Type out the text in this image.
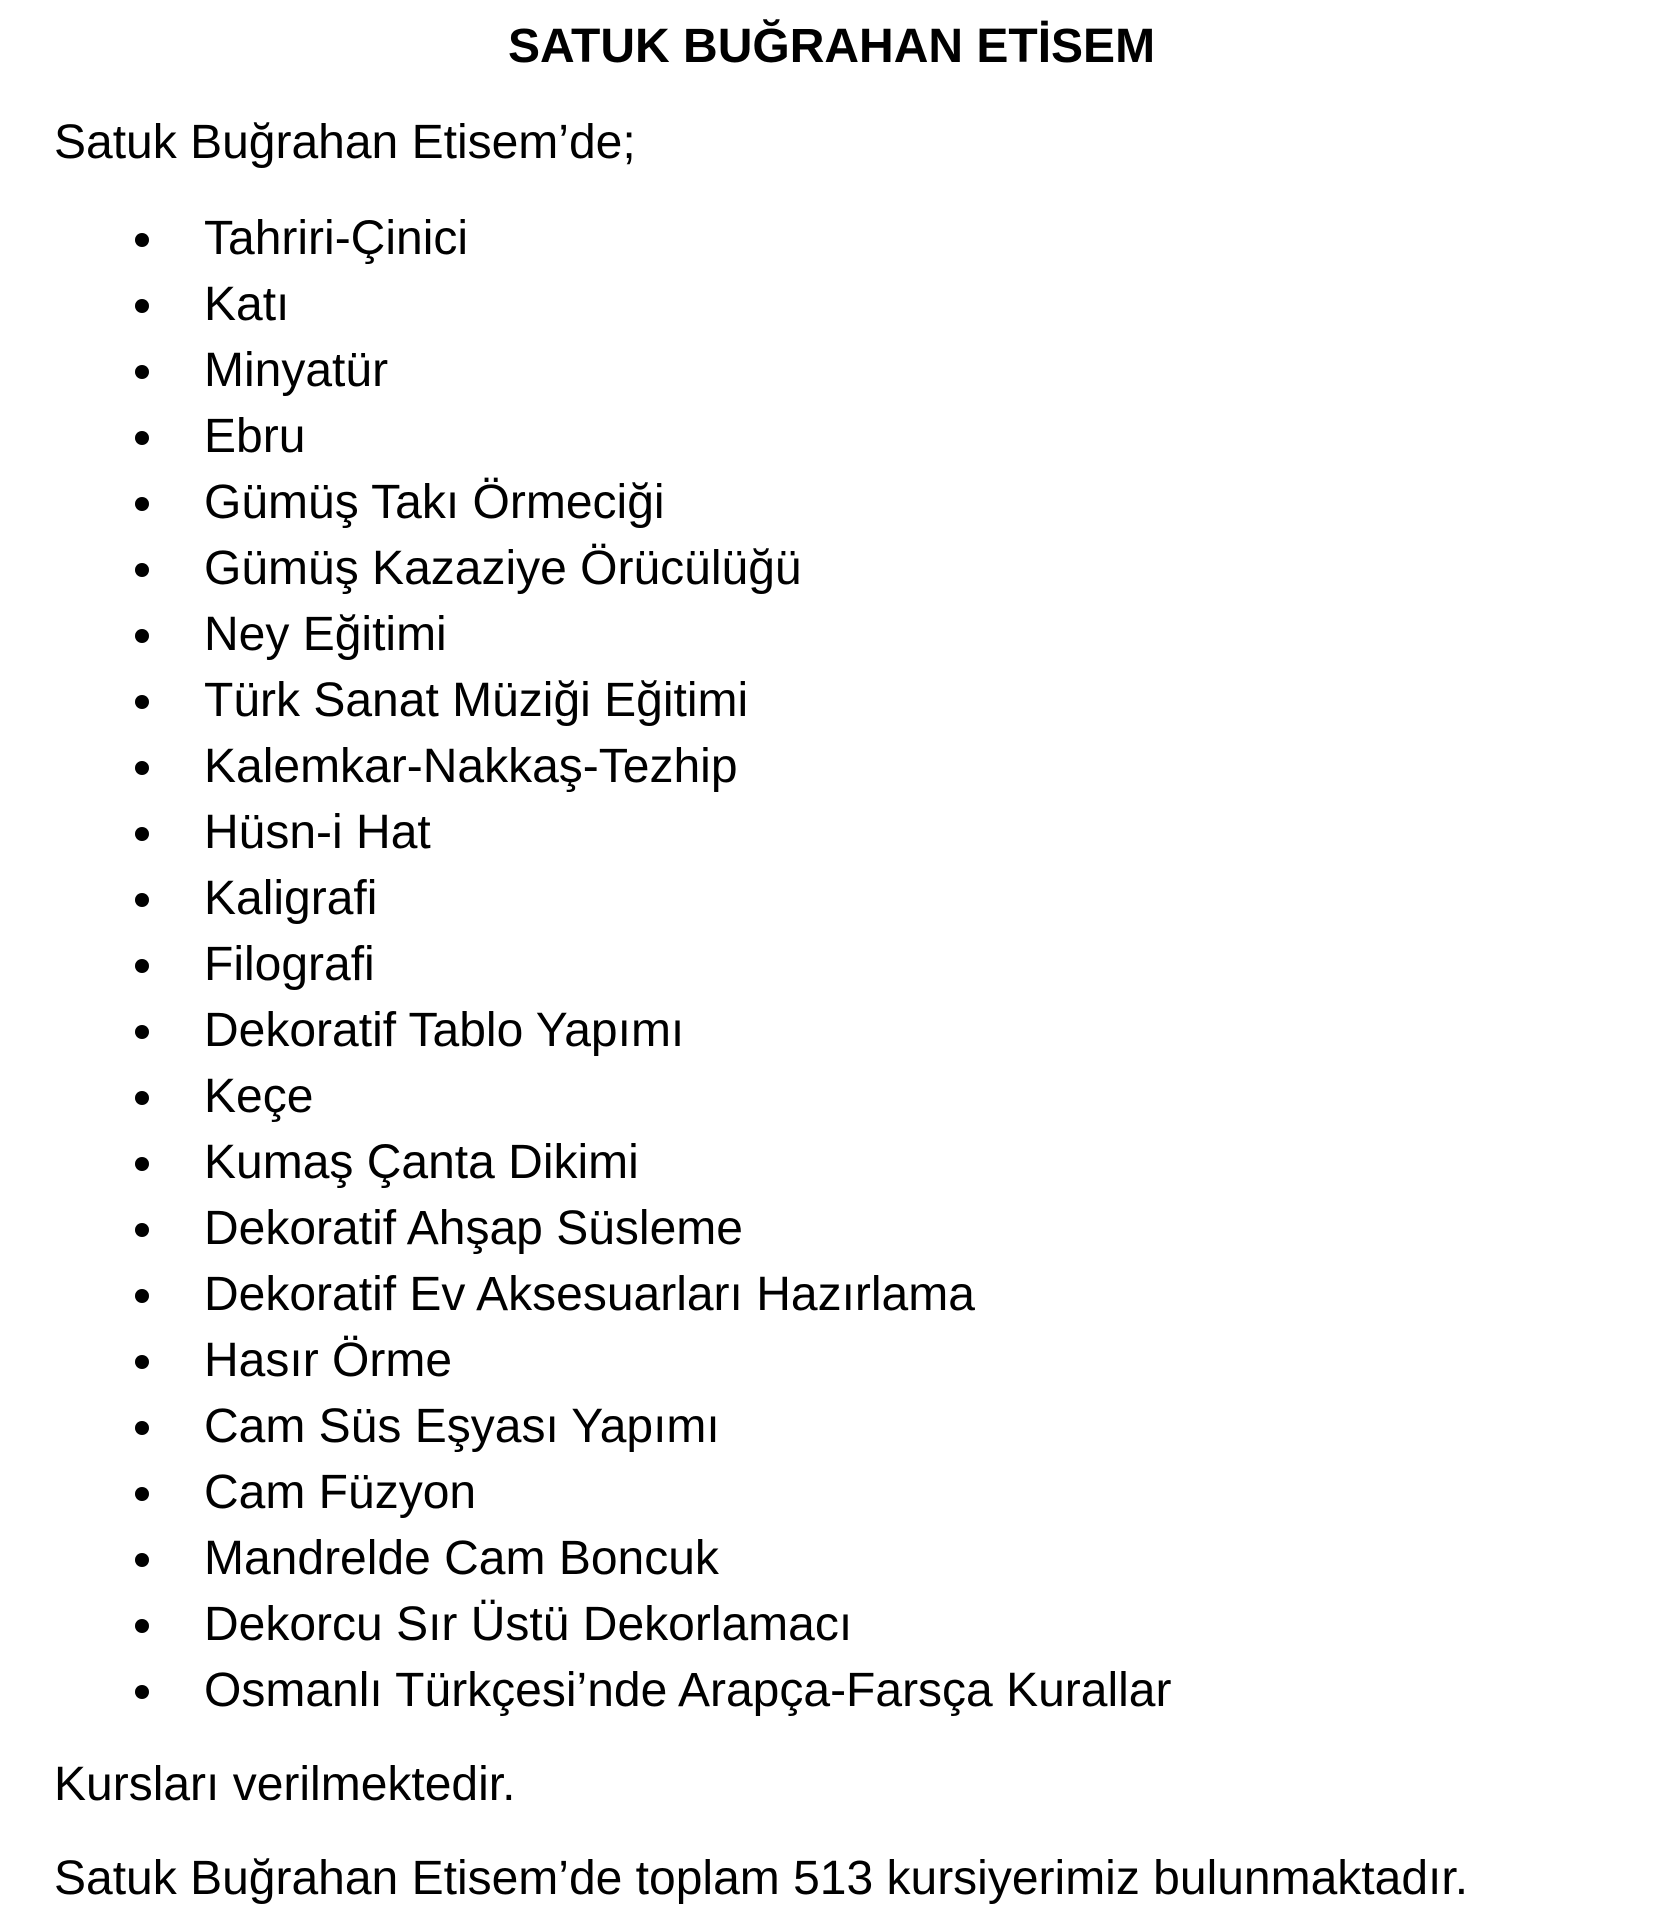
SATUK BUĞRAHAN ETİSEM

Satuk Buğrahan Etisem’de;

Tahriri-Çinici
Katı
Minyatür
Ebru
Gümüş Takı Örmeciği
Gümüş Kazaziye Örücülüğü
Ney Eğitimi
Türk Sanat Müziği Eğitimi
Kalemkar-Nakkaş-Tezhip
Hüsn-i Hat
Kaligrafi
Filografi
Dekoratif Tablo Yapımı
Keçe
Kumaş Çanta Dikimi
Dekoratif Ahşap Süsleme
Dekoratif Ev Aksesuarları Hazırlama
Hasır Örme
Cam Süs Eşyası Yapımı
Cam Füzyon
Mandrelde Cam Boncuk
Dekorcu Sır Üstü Dekorlamacı
Osmanlı Türkçesi’nde Arapça-Farsça Kurallar

Kursları verilmektedir.

Satuk Buğrahan Etisem’de toplam 513 kursiyerimiz bulunmaktadır.
